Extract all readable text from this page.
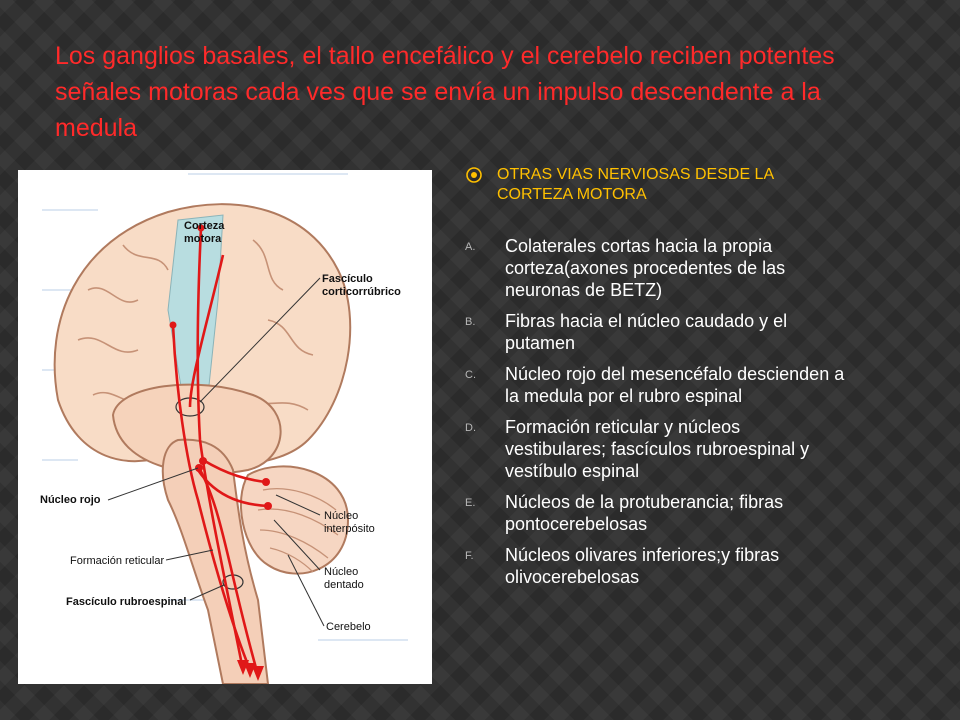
Los ganglios basales, el tallo encefálico y el cerebelo reciben potentes señales motoras cada ves que se envía un impulso descendente a la medula
Corteza
motora
Fascículo
corticorrúbrico
Núcleo rojo
Núcleo
interpósito
Formación reticular
Núcleo
dentado
Fascículo rubroespinal
Cerebelo
OTRAS VIAS NERVIOSAS DESDE LA CORTEZA MOTORA
A.	Colaterales cortas hacia la propia corteza(axones procedentes de las neuronas de BETZ)
B.	Fibras hacia el núcleo caudado y el putamen
C.	Núcleo rojo del mesencéfalo descienden a la medula por el rubro espinal
D.	Formación reticular y núcleos vestibulares; fascículos rubroespinal y vestíbulo espinal
E.	Núcleos de la protuberancia; fibras pontocerebelosas
F.	Núcleos olivares inferiores;y fibras olivocerebelosas
